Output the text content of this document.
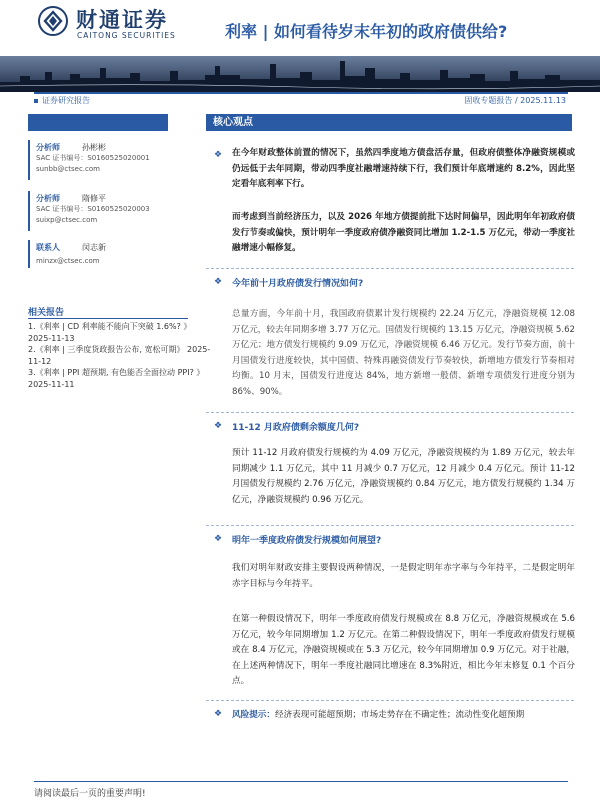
财通证券
CAITONG SECURITIES	利率 | 如何看待岁末年初的政府债供给?
证券研究报告	固收专题报告 / 2025.11.13
分析师	孙彬彬
SAC 证书编号：S0160525020001
sunbb@ctsec.com
分析师	隋修平
SAC 证书编号：S0160525020003
suixp@ctsec.com
联系人	闵志新
minzx@ctsec.com
相关报告
1.《利率 | CD 利率能不能向下突破 1.6%? 》 2025-11-13
2.《利率 | 三季度货政报告公布, 宽松可期》 2025-11-12
3.《利率 | PPI 超预期, 有色能否全面拉动 PPI? 》 2025-11-11
核心观点
❖ 在今年财政整体前置的情况下，虽然四季度地方债盘活存量，但政府债整体净融资规模或仍远低于去年同期，带动四季度社融增速持续下行，我们预计年底增速约 8.2%，因此坚定看年底利率下行。
而考虑到当前经济压力，以及 2026 年地方债提前批下达时间偏早，因此明年年初政府债发行节奏或偏快，预计明年一季度政府债净融资同比增加 1.2-1.5 万亿元，带动一季度社融增速小幅修复。
❖ 今年前十月政府债发行情况如何?
总量方面，今年前十月，我国政府债累计发行规模约 22.24 万亿元，净融资规模 12.08 万亿元，较去年同期多增 3.77 万亿元。国债发行规模约 13.15 万亿元，净融资规模 5.62 万亿元；地方债发行规模约 9.09 万亿元，净融资规模 6.46 万亿元。发行节奏方面，前十月国债发行进度较快，其中国债、特殊再融资债发行节奏较快，新增地方债发行节奏相对均衡。10 月末，国债发行进度达 84%，地方新增一般债、新增专项债发行进度分别为 86%、90%。
❖ 11-12 月政府债剩余额度几何?
预计 11-12 月政府债发行规模约为 4.09 万亿元，净融资规模约为 1.89 万亿元，较去年同期减少 1.1 万亿元，其中 11 月减少 0.7 万亿元，12 月减少 0.4 万亿元。预计 11-12 月国债发行规模约 2.76 万亿元，净融资规模约 0.84 万亿元，地方债发行规模约 1.34 万亿元，净融资规模约 0.96 万亿元。
❖ 明年一季度政府债发行规模如何展望?
我们对明年财政安排主要假设两种情况，一是假定明年赤字率与今年持平，二是假定明年赤字目标与今年持平。
在第一种假设情况下，明年一季度政府债发行规模或在 8.8 万亿元，净融资规模或在 5.6 万亿元，较今年同期增加 1.2 万亿元。在第二种假设情况下，明年一季度政府债发行规模或在 8.4 万亿元，净融资规模或在 5.3 万亿元，较今年同期增加 0.9 万亿元。对于社融，在上述两种情况下，明年一季度社融同比增速在 8.3%附近，相比今年末修复 0.1 个百分点。
❖ 风险提示：经济表现可能超预期；市场走势存在不确定性；流动性变化超预期
请阅读最后一页的重要声明!
